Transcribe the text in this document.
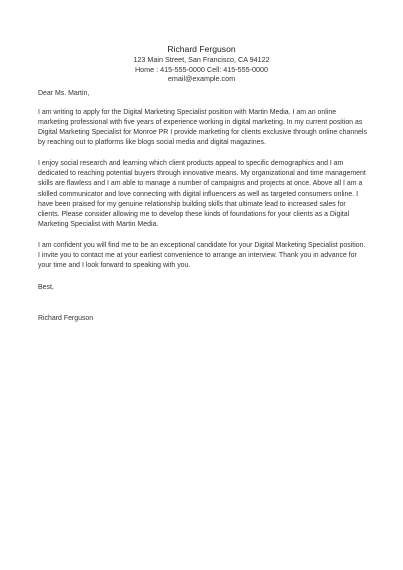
Richard Ferguson
123 Main Street, San Francisco, CA 94122
Home : 415-555-0000 Cell: 415-555-0000
email@example.com

Dear Ms. Martin,

I am writing to apply for the Digital Marketing Specialist position with Martin Media. I am an online marketing professional with five years of experience working in digital marketing. In my current position as Digital Marketing Specialist for Monroe PR I provide marketing for clients exclusive through online channels by reaching out to platforms like blogs social media and digital magazines.

I enjoy social research and learning which client products appeal to specific demographics and I am dedicated to reaching potential buyers through innovative means. My organizational and time management skills are flawless and I am able to manage a number of campaigns and projects at once. Above all I am a skilled communicator and love connecting with digital influencers as well as targeted consumers online. I have been praised for my genuine relationship building skills that ultimate lead to increased sales for clients. Please consider allowing me to develop these kinds of foundations for your clients as a Digital Marketing Specialist with Martin Media.

I am confident you will find me to be an exceptional candidate for your Digital Marketing Specialist position. I invite you to contact me at your earliest convenience to arrange an interview. Thank you in advance for your time and I look forward to speaking with you.

Best,

Richard Ferguson
